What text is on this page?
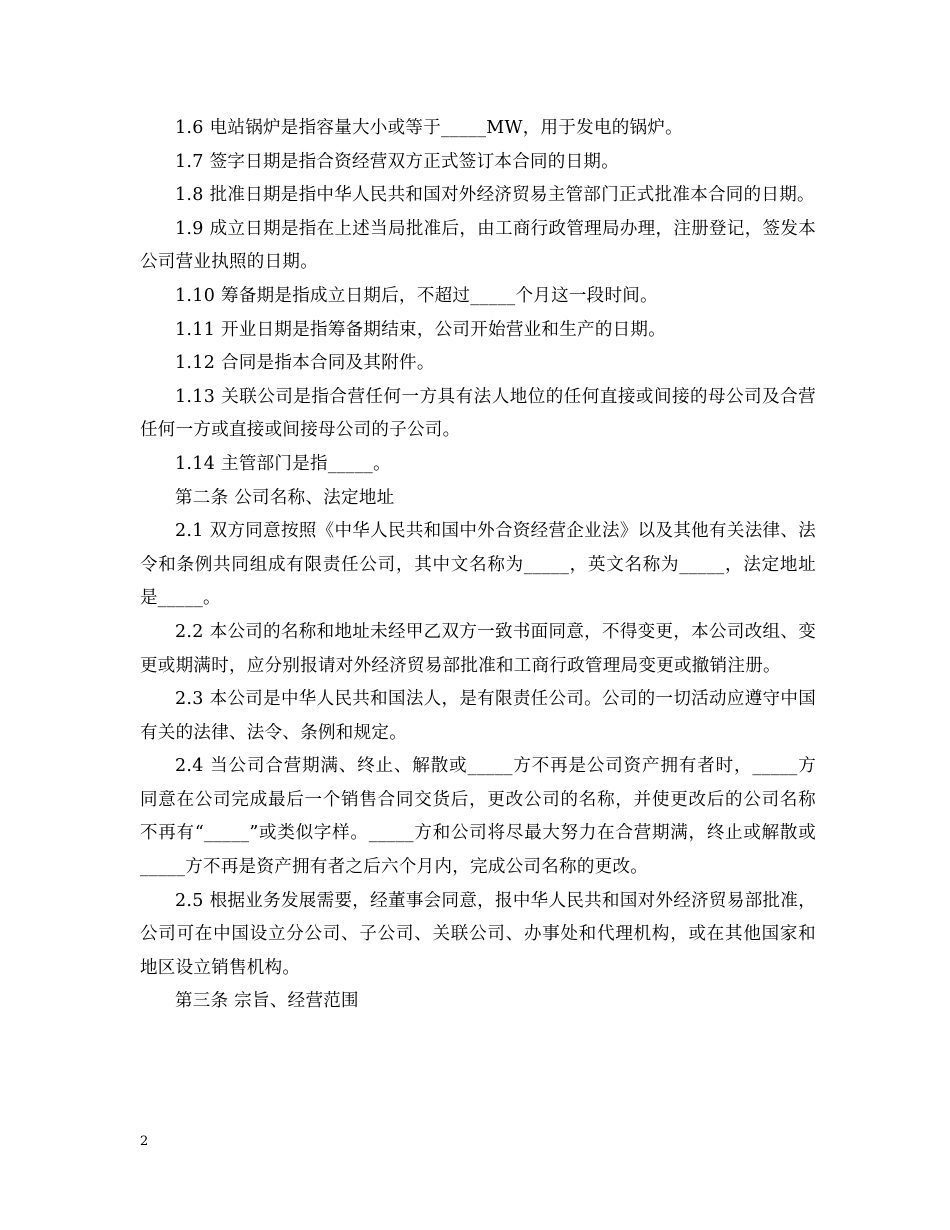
1.6 电站锅炉是指容量大小或等于_____MW，用于发电的锅炉。

1.7 签字日期是指合资经营双方正式签订本合同的日期。

1.8 批准日期是指中华人民共和国对外经济贸易主管部门正式批准本合同的日期。

1.9 成立日期是指在上述当局批准后，由工商行政管理局办理，注册登记，签发本公司营业执照的日期。

1.10 筹备期是指成立日期后，不超过_____个月这一段时间。

1.11 开业日期是指筹备期结束，公司开始营业和生产的日期。

1.12 合同是指本合同及其附件。

1.13 关联公司是指合营任何一方具有法人地位的任何直接或间接的母公司及合营任何一方或直接或间接母公司的子公司。

1.14 主管部门是指_____。

第二条 公司名称、法定地址

2.1 双方同意按照《中华人民共和国中外合资经营企业法》以及其他有关法律、法令和条例共同组成有限责任公司，其中文名称为_____，英文名称为_____，法定地址是_____。

2.2 本公司的名称和地址未经甲乙双方一致书面同意，不得变更，本公司改组、变更或期满时，应分别报请对外经济贸易部批准和工商行政管理局变更或撤销注册。

2.3 本公司是中华人民共和国法人，是有限责任公司。公司的一切活动应遵守中国有关的法律、法令、条例和规定。

2.4 当公司合营期满、终止、解散或_____方不再是公司资产拥有者时，_____方同意在公司完成最后一个销售合同交货后，更改公司的名称，并使更改后的公司名称不再有“_____”或类似字样。_____方和公司将尽最大努力在合营期满，终止或解散或_____方不再是资产拥有者之后六个月内，完成公司名称的更改。

2.5 根据业务发展需要，经董事会同意，报中华人民共和国对外经济贸易部批准，公司可在中国设立分公司、子公司、关联公司、办事处和代理机构，或在其他国家和地区设立销售机构。

第三条 宗旨、经营范围

2
